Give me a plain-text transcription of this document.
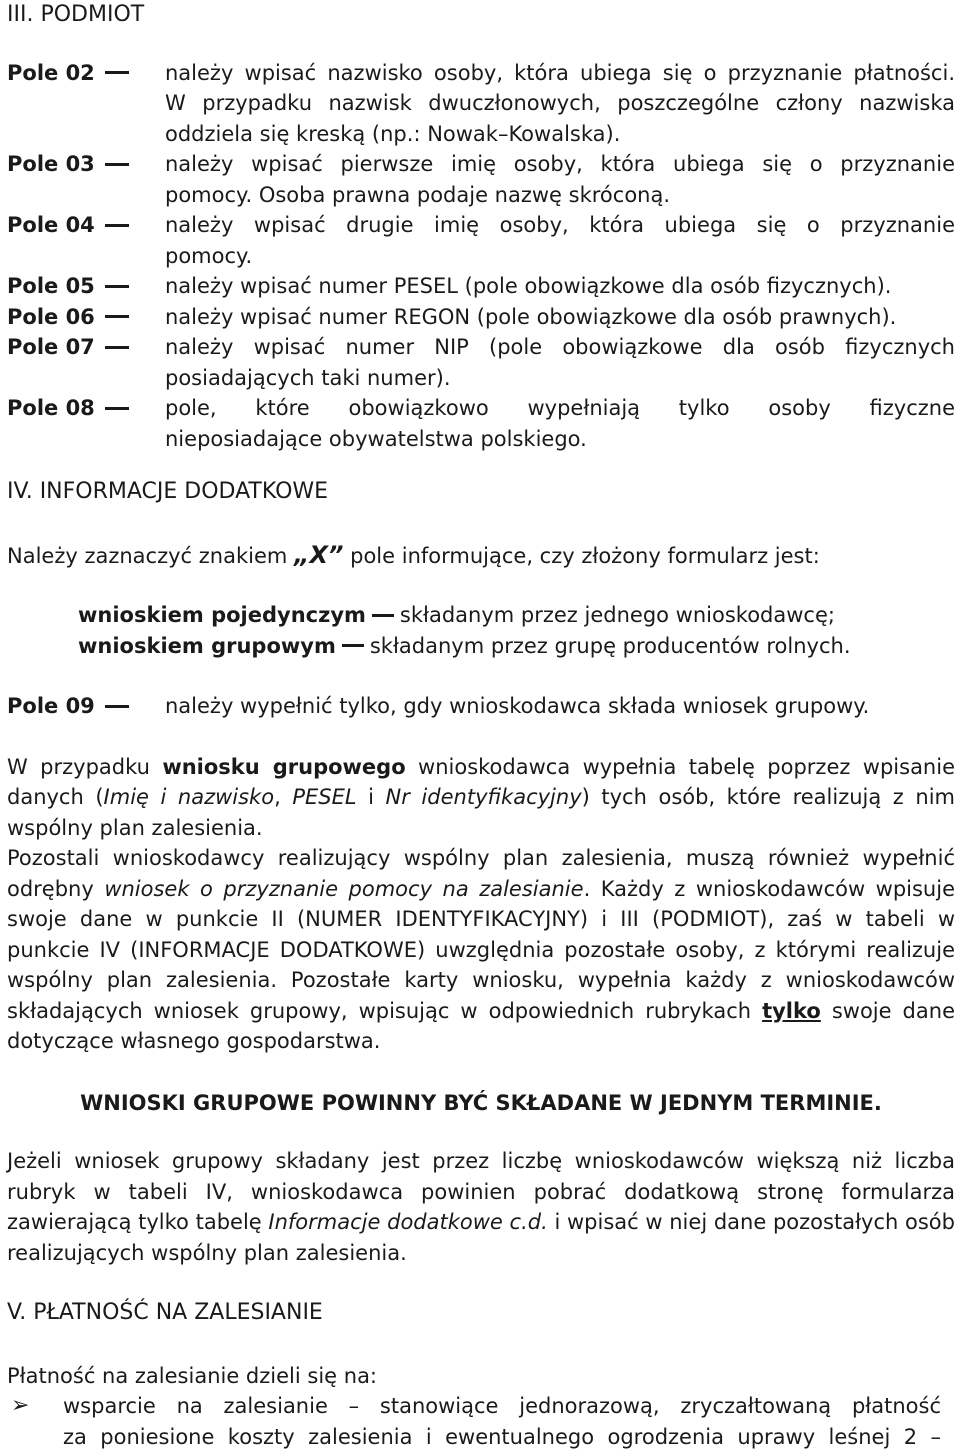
III. PODMIOT
Pole 02	należy wpisać nazwisko osoby, która ubiega się o przyznanie płatności.
W przypadku nazwisk dwuczłonowych, poszczególne człony nazwiska
oddziela się kreską (np.: Nowak–Kowalska).
Pole 03	należy wpisać pierwsze imię osoby, która ubiega się o przyznanie
pomocy. Osoba prawna podaje nazwę skróconą.
Pole 04	należy wpisać drugie imię osoby, która ubiega się o przyznanie
pomocy.
Pole 05	należy wpisać numer PESEL (pole obowiązkowe dla osób fizycznych).
Pole 06	należy wpisać numer REGON (pole obowiązkowe dla osób prawnych).
Pole 07	należy wpisać numer NIP (pole obowiązkowe dla osób fizycznych
posiadających taki numer).
Pole 08	pole, które obowiązkowo wypełniają tylko osoby fizyczne
nieposiadające obywatelstwa polskiego.
IV. INFORMACJE DODATKOWE

Należy zaznaczyć znakiem „X” pole informujące, czy złożony formularz jest:

wnioskiem pojedynczym składanym przez jednego wnioskodawcę;

wnioskiem grupowym składanym przez grupę producentów rolnych.

Pole 09	należy wypełnić tylko, gdy wnioskodawca składa wniosek grupowy.

W przypadku wniosku grupowego wnioskodawca wypełnia tabelę poprzez wpisanie danych (Imię i nazwisko, PESEL i Nr identyfikacyjny) tych osób, które realizują z nim wspólny plan zalesienia.

Pozostali wnioskodawcy realizujący wspólny plan zalesienia, muszą również wypełnić odrębny wniosek o przyznanie pomocy na zalesianie. Każdy z wnioskodawców wpisuje swoje dane w punkcie II (NUMER IDENTYFIKACYJNY) i III (PODMIOT), zaś w tabeli w punkcie IV (INFORMACJE DODATKOWE) uwzględnia pozostałe osoby, z którymi realizuje wspólny plan zalesienia. Pozostałe karty wniosku, wypełnia każdy z wnioskodawców składających wniosek grupowy, wpisując w odpowiednich rubrykach tylko swoje dane dotyczące własnego gospodarstwa.

WNIOSKI GRUPOWE POWINNY BYĆ SKŁADANE W JEDNYM TERMINIE.

Jeżeli wniosek grupowy składany jest przez liczbę wnioskodawców większą niż liczba rubryk w tabeli IV, wnioskodawca powinien pobrać dodatkową stronę formularza zawierającą tylko tabelę Informacje dodatkowe c.d. i wpisać w niej dane pozostałych osób realizujących wspólny plan zalesienia.

V. PŁATNOŚĆ NA ZALESIANIE

Płatność na zalesianie dzieli się na:

➢	wsparcie na zalesianie – stanowiące jednorazową, zryczałtowaną płatność
za poniesione koszty zalesienia i ewentualnego ogrodzenia uprawy leśnej 2 –
